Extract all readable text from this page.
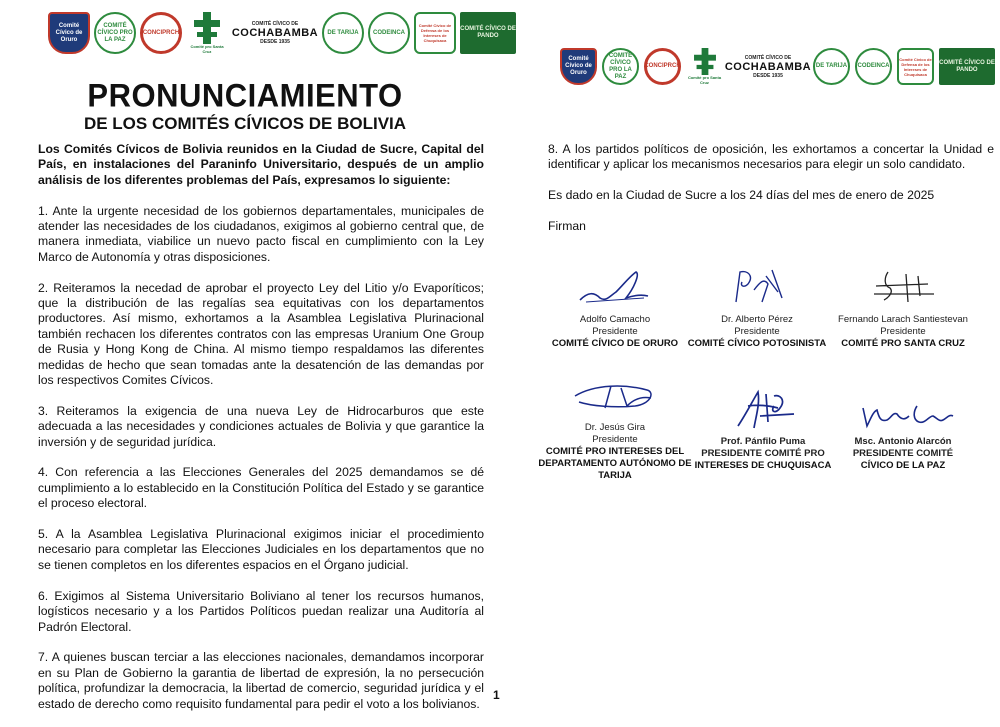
Comité Cívico de Oruro
COMITÉ CÍVICO PRO LA PAZ
CONCIPRCH
Comité pro Santa Cruz
COMITÉ CÍVICO DE
COCHABAMBA
DESDE 1935
DE TARIJA CODEINCA
Comité Cívico de Defensa de los Intereses de Chuquisaca
COMITÉ CÍVICO DE PANDO
Comité Cívico de Oruro
COMITÉ CÍVICO PRO LA PAZ
CONCIPRCH
Comité pro Santa Cruz
COMITÉ CÍVICO DE
COCHABAMBA
DESDE 1935
DE TARIJA CODEINCA
Comité Cívico de Defensa de los Intereses de Chuquisaca
COMITÉ CÍVICO DE PANDO
PRONUNCIAMIENTO
DE LOS COMITÉS CÍVICOS DE BOLIVIA

Los Comités Cívicos de Bolivia reunidos en la Ciudad de Sucre, Capital del País, en instalaciones del Paraninfo Universitario, después de un amplio análisis de los diferentes problemas del País, expresamos lo siguiente:

1. Ante la urgente necesidad de los gobiernos departamentales, municipales de atender las necesidades de los ciudadanos, exigimos al gobierno central que, de manera inmediata, viabilice un nuevo pacto fiscal en cumplimiento con la Ley Marco de Autonomía y otras disposiciones.

2. Reiteramos la necedad de aprobar el proyecto Ley del Litio y/o Evaporíticos; que la distribución de las regalías sea equitativas con los departamentos productores. Así mismo, exhortamos a la Asamblea Legislativa Plurinacional también rechacen los diferentes contratos con las empresas Uranium One Group de Rusia y Hong Kong de China. Al mismo tiempo respaldamos las diferentes medidas de hecho que sean tomadas ante la desatención de las demandas por los respectivos Comites Cívicos.

3. Reiteramos la exigencia de una nueva Ley de Hidrocarburos que este adecuada a las necesidades y condiciones actuales de Bolivia y que garantice la inversión y de seguridad jurídica.

4. Con referencia a las Elecciones Generales del 2025 demandamos se dé cumplimiento a lo establecido en la Constitución Política del Estado y se garantice el proceso electoral.

5. A la Asamblea Legislativa Plurinacional exigimos iniciar el procedimiento necesario para completar las Elecciones Judiciales en los departamentos que no se tienen completos en los diferentes espacios en el Órgano judicial.

6. Exigimos al Sistema Universitario Boliviano al tener los recursos humanos, logísticos necesario y a los Partidos Políticos puedan realizar una Auditoría al Padrón Electoral.

7. A quienes buscan terciar a las elecciones nacionales, demandamos incorporar en su Plan de Gobierno la garantia de libertad de expresión, la no persecución política, profundizar la democracia, la libertad de comercio, seguridad jurídica y el estado de derecho como requisito fundamental para pedir el voto a los bolivianos.

8. A los partidos políticos de oposición, les exhortamos a concertar la Unidad e identificar y aplicar los mecanismos necesarios para elegir un solo candidato.

Es dado en la Ciudad de Sucre a los 24 días del mes de enero de 2025

Firman

Adolfo Camacho
Presidente
COMITÉ CÍVICO DE ORURO
Dr. Alberto Pérez
Presidente
COMITÉ CÍVICO POTOSINISTA
Fernando Larach Santiestevan
Presidente
COMITÉ PRO SANTA CRUZ
Dr. Jesús Gira
Presidente
COMITÉ PRO INTERESES DEL DEPARTAMENTO AUTÓNOMO DE TARIJA
Prof. Pánfilo Puma
PRESIDENTE COMITÉ PRO
INTERESES DE CHUQUISACA
Msc. Antonio Alarcón
PRESIDENTE COMITÉ
CÍVICO DE LA PAZ
1
